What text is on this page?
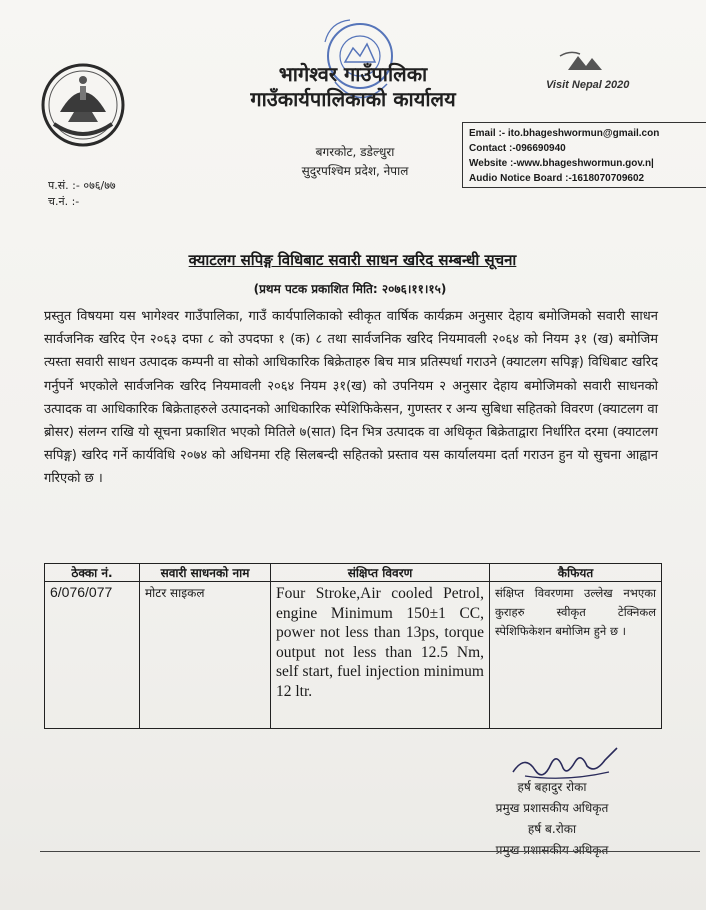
भागेश्वर गाउँपालिका
गाउँकार्यपालिकाको कार्यालय
Visit Nepal 2020
Email :- ito.bhageshwormun@gmail.con
Contact :-096690940
Website :-www.bhageshwormun.gov.n|
Audio Notice Board :-1618070709602
बगरकोट, डडेल्धुरा
सुदुरपश्चिम प्रदेश, नेपाल
प.सं. :- ०७६/७७
च.नं. :-
क्याटलग सपिङ्ग विधिबाट सवारी साधन खरिद सम्बन्धी सूचना
(प्रथम पटक प्रकाशित मिति: २०७६।११।१५)
प्रस्तुत विषयमा यस भागेश्वर गाउँपालिका, गाउँ कार्यपालिकाको स्वीकृत वार्षिक कार्यक्रम अनुसार देहाय बमोजिमको सवारी साधन सार्वजनिक खरिद ऐन २०६३ दफा ८ को उपदफा १ (क) ८ तथा सार्वजनिक खरिद नियमावली २०६४ को नियम ३१ (ख) बमोजिम त्यस्ता सवारी साधन उत्पादक कम्पनी वा सोको आधिकारिक बिक्रेताहरु बिच मात्र प्रतिस्पर्धा गराउने (क्याटलग सपिङ्ग) विधिबाट खरिद गर्नुपर्ने भएकोले सार्वजनिक खरिद नियमावली २०६४ नियम ३१(ख) को उपनियम २ अनुसार देहाय बमोजिमको सवारी साधनको उत्पादक वा आधिकारिक बिक्रेताहरुले उत्पादनको आधिकारिक स्पेशिफिकेसन, गुणस्तर र अन्य सुबिधा सहितको विवरण (क्याटलग वा ब्रोसर) संलग्न राखि यो सूचना प्रकाशित भएको मितिले ७(सात) दिन भित्र उत्पादक वा अधिकृत बिक्रेताद्वारा निर्धारित दरमा (क्याटलग सपिङ्ग) खरिद गर्ने कार्यविधि २०७४ को अधिनमा रहि सिलबन्दी सहितको प्रस्ताव यस कार्यालयमा दर्ता गराउन हुन यो सुचना आह्वान गरिएको छ ।
ठेक्का नं.	सवारी साधनको नाम	संक्षिप्त विवरण	कैफियत
6/076/077	मोटर साइकल	Four Stroke,Air cooled Petrol, engine Minimum 150±1 CC, power not less than 13ps, torque output not less than 12.5 Nm, self start, fuel injection minimum 12 ltr.	संक्षिप्त विवरणमा उल्लेख नभएका कुराहरु स्वीकृत टेक्निकल स्पेशिफिकेशन बमोजिम हुने छ ।
हर्ष बहादुर रोका
प्रमुख प्रशासकीय अधिकृत
हर्ष ब.रोका
प्रमुख प्रशासकीय अधिकृत
